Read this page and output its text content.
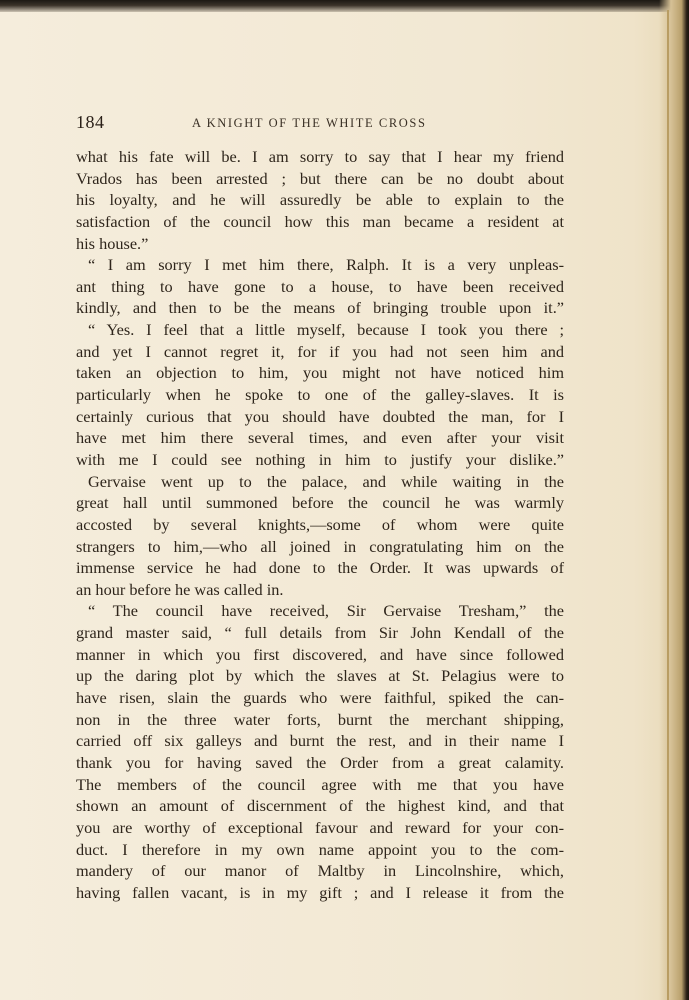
184	A KNIGHT OF THE WHITE CROSS
what his fate will be. I am sorry to say that I hear my friend
Vrados has been arrested ; but there can be no doubt about
his loyalty, and he will assuredly be able to explain to the
satisfaction of the council how this man became a resident at
his house.”
“ I am sorry I met him there, Ralph. It is a very unpleas-
ant thing to have gone to a house, to have been received
kindly, and then to be the means of bringing trouble upon it.”
“ Yes. I feel that a little myself, because I took you there ;
and yet I cannot regret it, for if you had not seen him and
taken an objection to him, you might not have noticed him
particularly when he spoke to one of the galley-slaves. It is
certainly curious that you should have doubted the man, for I
have met him there several times, and even after your visit
with me I could see nothing in him to justify your dislike.”
Gervaise went up to the palace, and while waiting in the
great hall until summoned before the council he was warmly
accosted by several knights,—some of whom were quite
strangers to him,—who all joined in congratulating him on the
immense service he had done to the Order. It was upwards of
an hour before he was called in.
“ The council have received, Sir Gervaise Tresham,” the
grand master said, “ full details from Sir John Kendall of the
manner in which you first discovered, and have since followed
up the daring plot by which the slaves at St. Pelagius were to
have risen, slain the guards who were faithful, spiked the can-
non in the three water forts, burnt the merchant shipping,
carried off six galleys and burnt the rest, and in their name I
thank you for having saved the Order from a great calamity.
The members of the council agree with me that you have
shown an amount of discernment of the highest kind, and that
you are worthy of exceptional favour and reward for your con-
duct. I therefore in my own name appoint you to the com-
mandery of our manor of Maltby in Lincolnshire, which,
having fallen vacant, is in my gift ; and I release it from the
